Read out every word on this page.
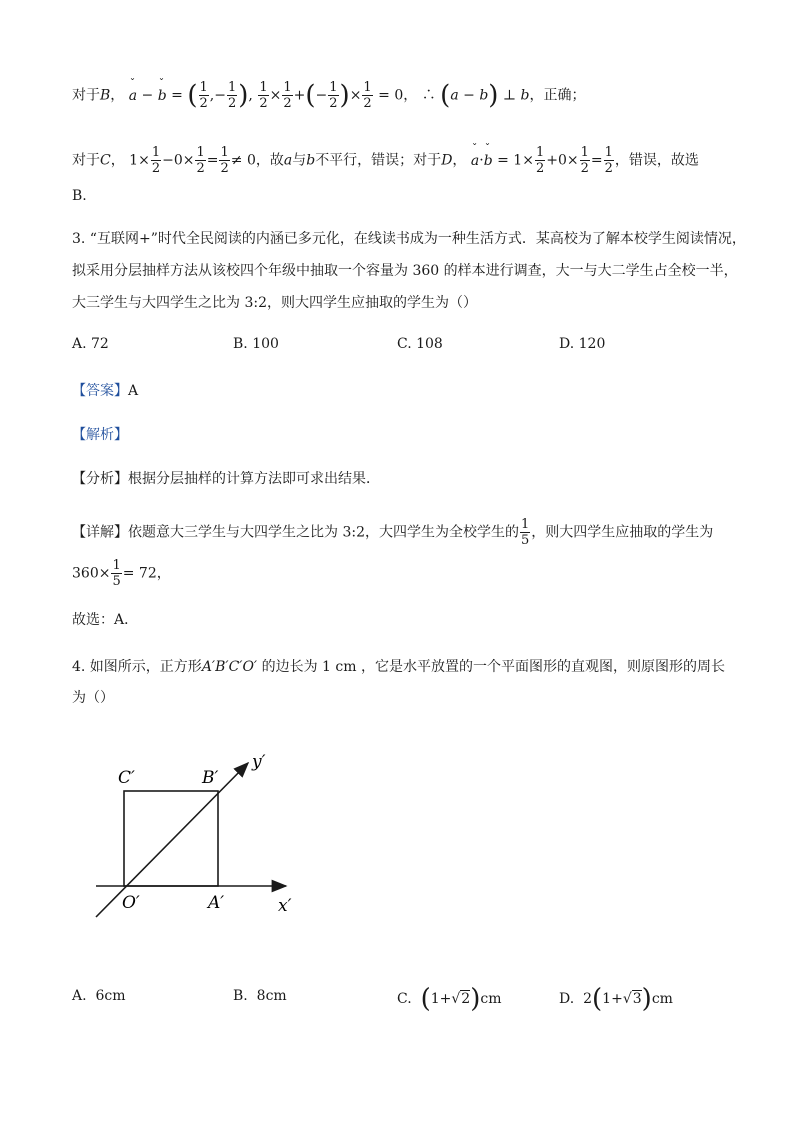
对于B， ˇ a − ˇ b = ( $\frac{1}{2}$ ,− $\frac{1}{2}$ ), $\frac{1}{2} \times \frac{1}{2}$ +(− $\frac{1}{2}$ )× $\frac{1}{2} = 0$， ∴ (a − b) ⊥ b，正确；
对于C， $1\times \frac{1}{2} -0\times \frac{1}{2} = \frac{1}{2} \ne 0$，故a与b不平行，错误；对于D， ˇ a·ˇ $b = 1\times \frac{1}{2} +0\times \frac{1}{2} = \frac{1}{2}$ ，错误，故选
B.
3. “互联网+”时代全民阅读的内涵已多元化，在线读书成为一种生活方式．某高校为了解本校学生阅读情况，
拟采用分层抽样方法从该校四个年级中抽取一个容量为 360 的样本进行调查，大一与大二学生占全校一半，
大三学生与大四学生之比为 3:2，则大四学生应抽取的学生为（）
A. 72	B. 100	C. 108	D. 120
【答案】A
【解析】
【分析】根据分层抽样的计算方法即可求出结果．
【详解】依题意大三学生与大四学生之比为 3:2，大四学生为全校学生的 $\frac{1}{5}$ ，则大四学生应抽取的学生为
$360\times \frac{1}{5} = 72$，
故选：A．
4. 如图所示，正方形A′B′C′O′ 的边长为 1 cm ，它是水平放置的一个平面图形的直观图，则原图形的周长
为（）
C′	B′
O′	A′	x′
y′
A. 6cm	B. 8cm	C. (1+√2)cm	D. 2(1+√3)cm
